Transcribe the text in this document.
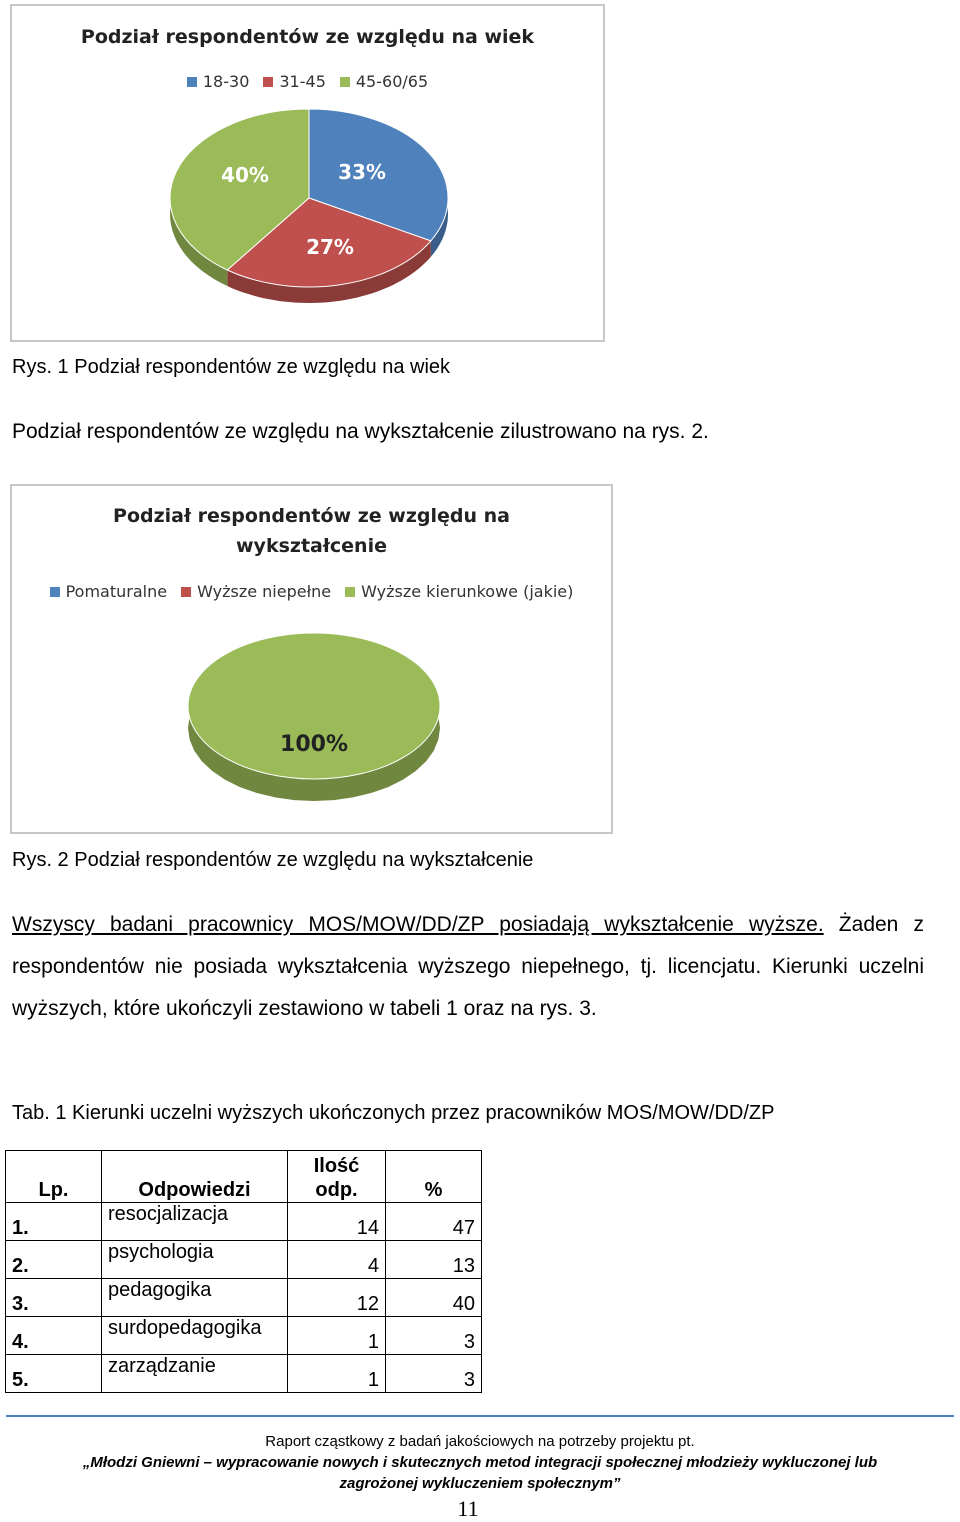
Podział respondentów ze względu na wiek
18-30 31-45 45-60/65
33%
27%
40%
Rys. 1 Podział respondentów ze względu na wiek
Podział respondentów ze względu na wykształcenie zilustrowano na rys. 2.
Podział respondentów ze względu na
wykształcenie
Pomaturalne Wyższe niepełne Wyższe kierunkowe (jakie)
100%
Rys. 2 Podział respondentów ze względu na wykształcenie
Wszyscy badani pracownicy MOS/MOW/DD/ZP posiadają wykształcenie wyższe. Żaden z respondentów nie posiada wykształcenia wyższego niepełnego, tj. licencjatu. Kierunki uczelni wyższych, które ukończyli zestawiono w tabeli 1 oraz na rys. 3.
Tab. 1 Kierunki uczelni wyższych ukończonych przez pracowników MOS/MOW/DD/ZP
Lp.	Odpowiedzi	Ilość odp.	%
1.	resocjalizacja	14	47
2.	psychologia	4	13
3.	pedagogika	12	40
4.	surdopedagogika	1	3
5.	zarządzanie	1	3
Raport cząstkowy z badań jakościowych na potrzeby projektu pt.
„Młodzi Gniewni – wypracowanie nowych i skutecznych metod integracji społecznej młodzieży wykluczonej lub
zagrożonej wykluczeniem społecznym”
11
